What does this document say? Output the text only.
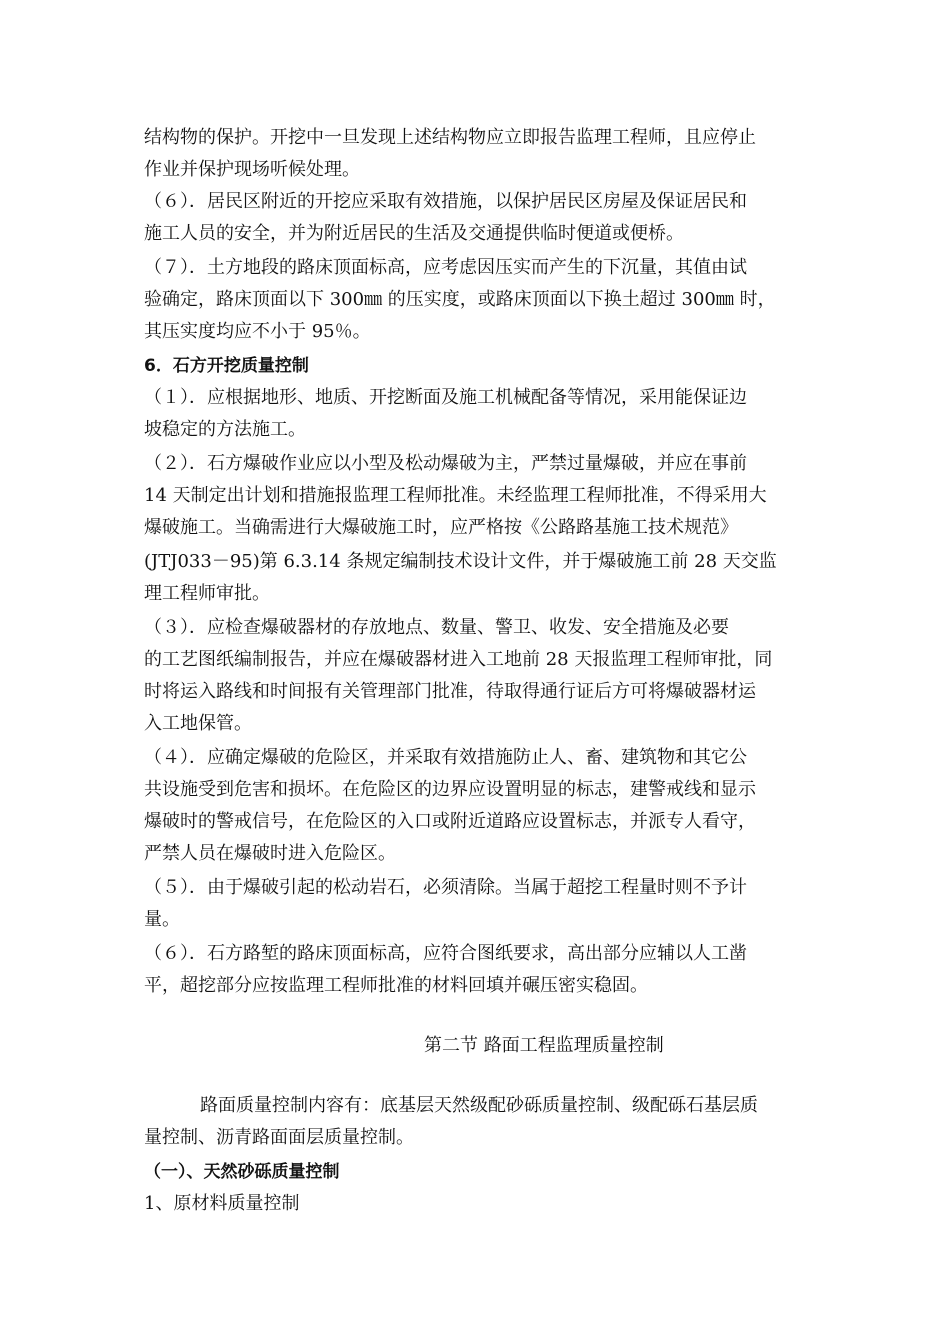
结构物的保护。开挖中一旦发现上述结构物应立即报告监理工程师，且应停止
作业并保护现场听候处理。
（６）．居民区附近的开挖应采取有效措施，以保护居民区房屋及保证居民和
施工人员的安全，并为附近居民的生活及交通提供临时便道或便桥。
（７）．土方地段的路床顶面标高，应考虑因压实而产生的下沉量，其值由试
验确定，路床顶面以下 300㎜ 的压实度，或路床顶面以下换土超过 300㎜ 时，
其压实度均应不小于 95％。
6．石方开挖质量控制
（１）．应根据地形、地质、开挖断面及施工机械配备等情况，采用能保证边
坡稳定的方法施工。
（２）．石方爆破作业应以小型及松动爆破为主，严禁过量爆破，并应在事前
14 天制定出计划和措施报监理工程师批准。未经监理工程师批准，不得采用大
爆破施工。当确需进行大爆破施工时，应严格按《公路路基施工技术规范》
(JTJ033－95)第 6.3.14 条规定编制技术设计文件，并于爆破施工前 28 天交监
理工程师审批。
（３）．应检查爆破器材的存放地点、数量、警卫、收发、安全措施及必要
的工艺图纸编制报告，并应在爆破器材进入工地前 28 天报监理工程师审批，同
时将运入路线和时间报有关管理部门批准，待取得通行证后方可将爆破器材运
入工地保管。
（４）．应确定爆破的危险区，并采取有效措施防止人、畜、建筑物和其它公
共设施受到危害和损坏。在危险区的边界应设置明显的标志，建警戒线和显示
爆破时的警戒信号，在危险区的入口或附近道路应设置标志，并派专人看守，
严禁人员在爆破时进入危险区。
（５）．由于爆破引起的松动岩石，必须清除。当属于超挖工程量时则不予计
量。
（６）．石方路堑的路床顶面标高，应符合图纸要求，高出部分应辅以人工凿
平，超挖部分应按监理工程师批准的材料回填并碾压密实稳固。
第二节 路面工程监理质量控制
路面质量控制内容有：底基层天然级配砂砾质量控制、级配砾石基层质
量控制、沥青路面面层质量控制。
（一）、天然砂砾质量控制
1、原材料质量控制
